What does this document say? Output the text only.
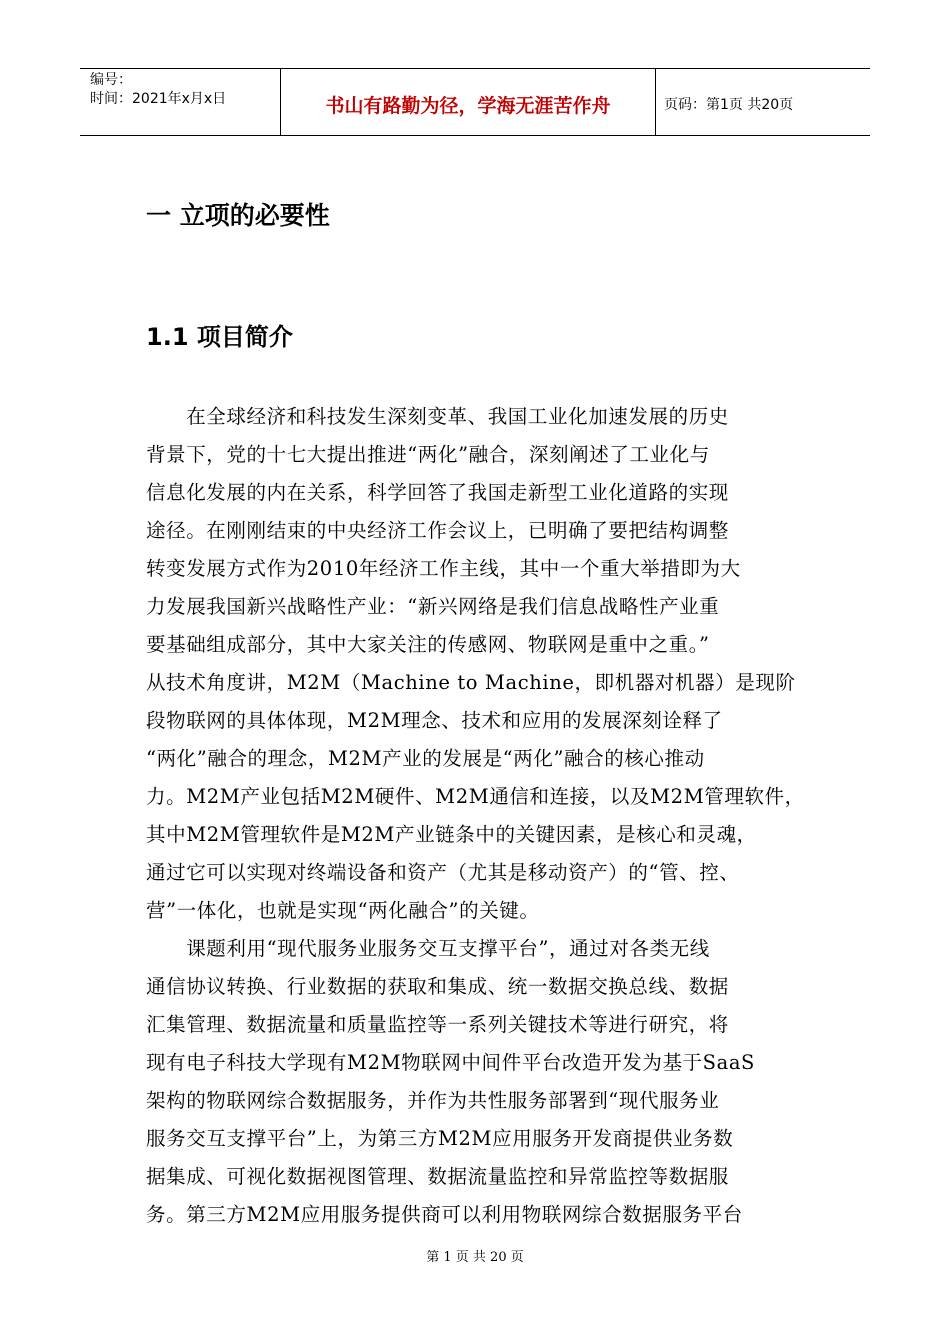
编号：
时间：2021年x月x日	书山有路勤为径，学海无涯苦作舟	页码：第1页 共20页
一 立项的必要性
1.1 项目简介
　　在全球经济和科技发生深刻变革、我国工业化加速发展的历史
背景下，党的十七大提出推进“两化”融合，深刻阐述了工业化与
信息化发展的内在关系，科学回答了我国走新型工业化道路的实现
途径。在刚刚结束的中央经济工作会议上，已明确了要把结构调整
转变发展方式作为2010年经济工作主线，其中一个重大举措即为大
力发展我国新兴战略性产业：“新兴网络是我们信息战略性产业重
要基础组成部分，其中大家关注的传感网、物联网是重中之重。”
从技术角度讲，M2M（Machine to Machine，即机器对机器）是现阶
段物联网的具体体现，M2M理念、技术和应用的发展深刻诠释了
“两化”融合的理念，M2M产业的发展是“两化”融合的核心推动
力。M2M产业包括M2M硬件、M2M通信和连接，以及M2M管理软件，
其中M2M管理软件是M2M产业链条中的关键因素，是核心和灵魂，
通过它可以实现对终端设备和资产（尤其是移动资产）的“管、控、
营”一体化，也就是实现“两化融合”的关键。
　　课题利用“现代服务业服务交互支撑平台”，通过对各类无线
通信协议转换、行业数据的获取和集成、统一数据交换总线、数据
汇集管理、数据流量和质量监控等一系列关键技术等进行研究，将
现有电子科技大学现有M2M物联网中间件平台改造开发为基于SaaS
架构的物联网综合数据服务，并作为共性服务部署到“现代服务业
服务交互支撑平台”上，为第三方M2M应用服务开发商提供业务数
据集成、可视化数据视图管理、数据流量监控和异常监控等数据服
务。第三方M2M应用服务提供商可以利用物联网综合数据服务平台
第 1 页 共 20 页
